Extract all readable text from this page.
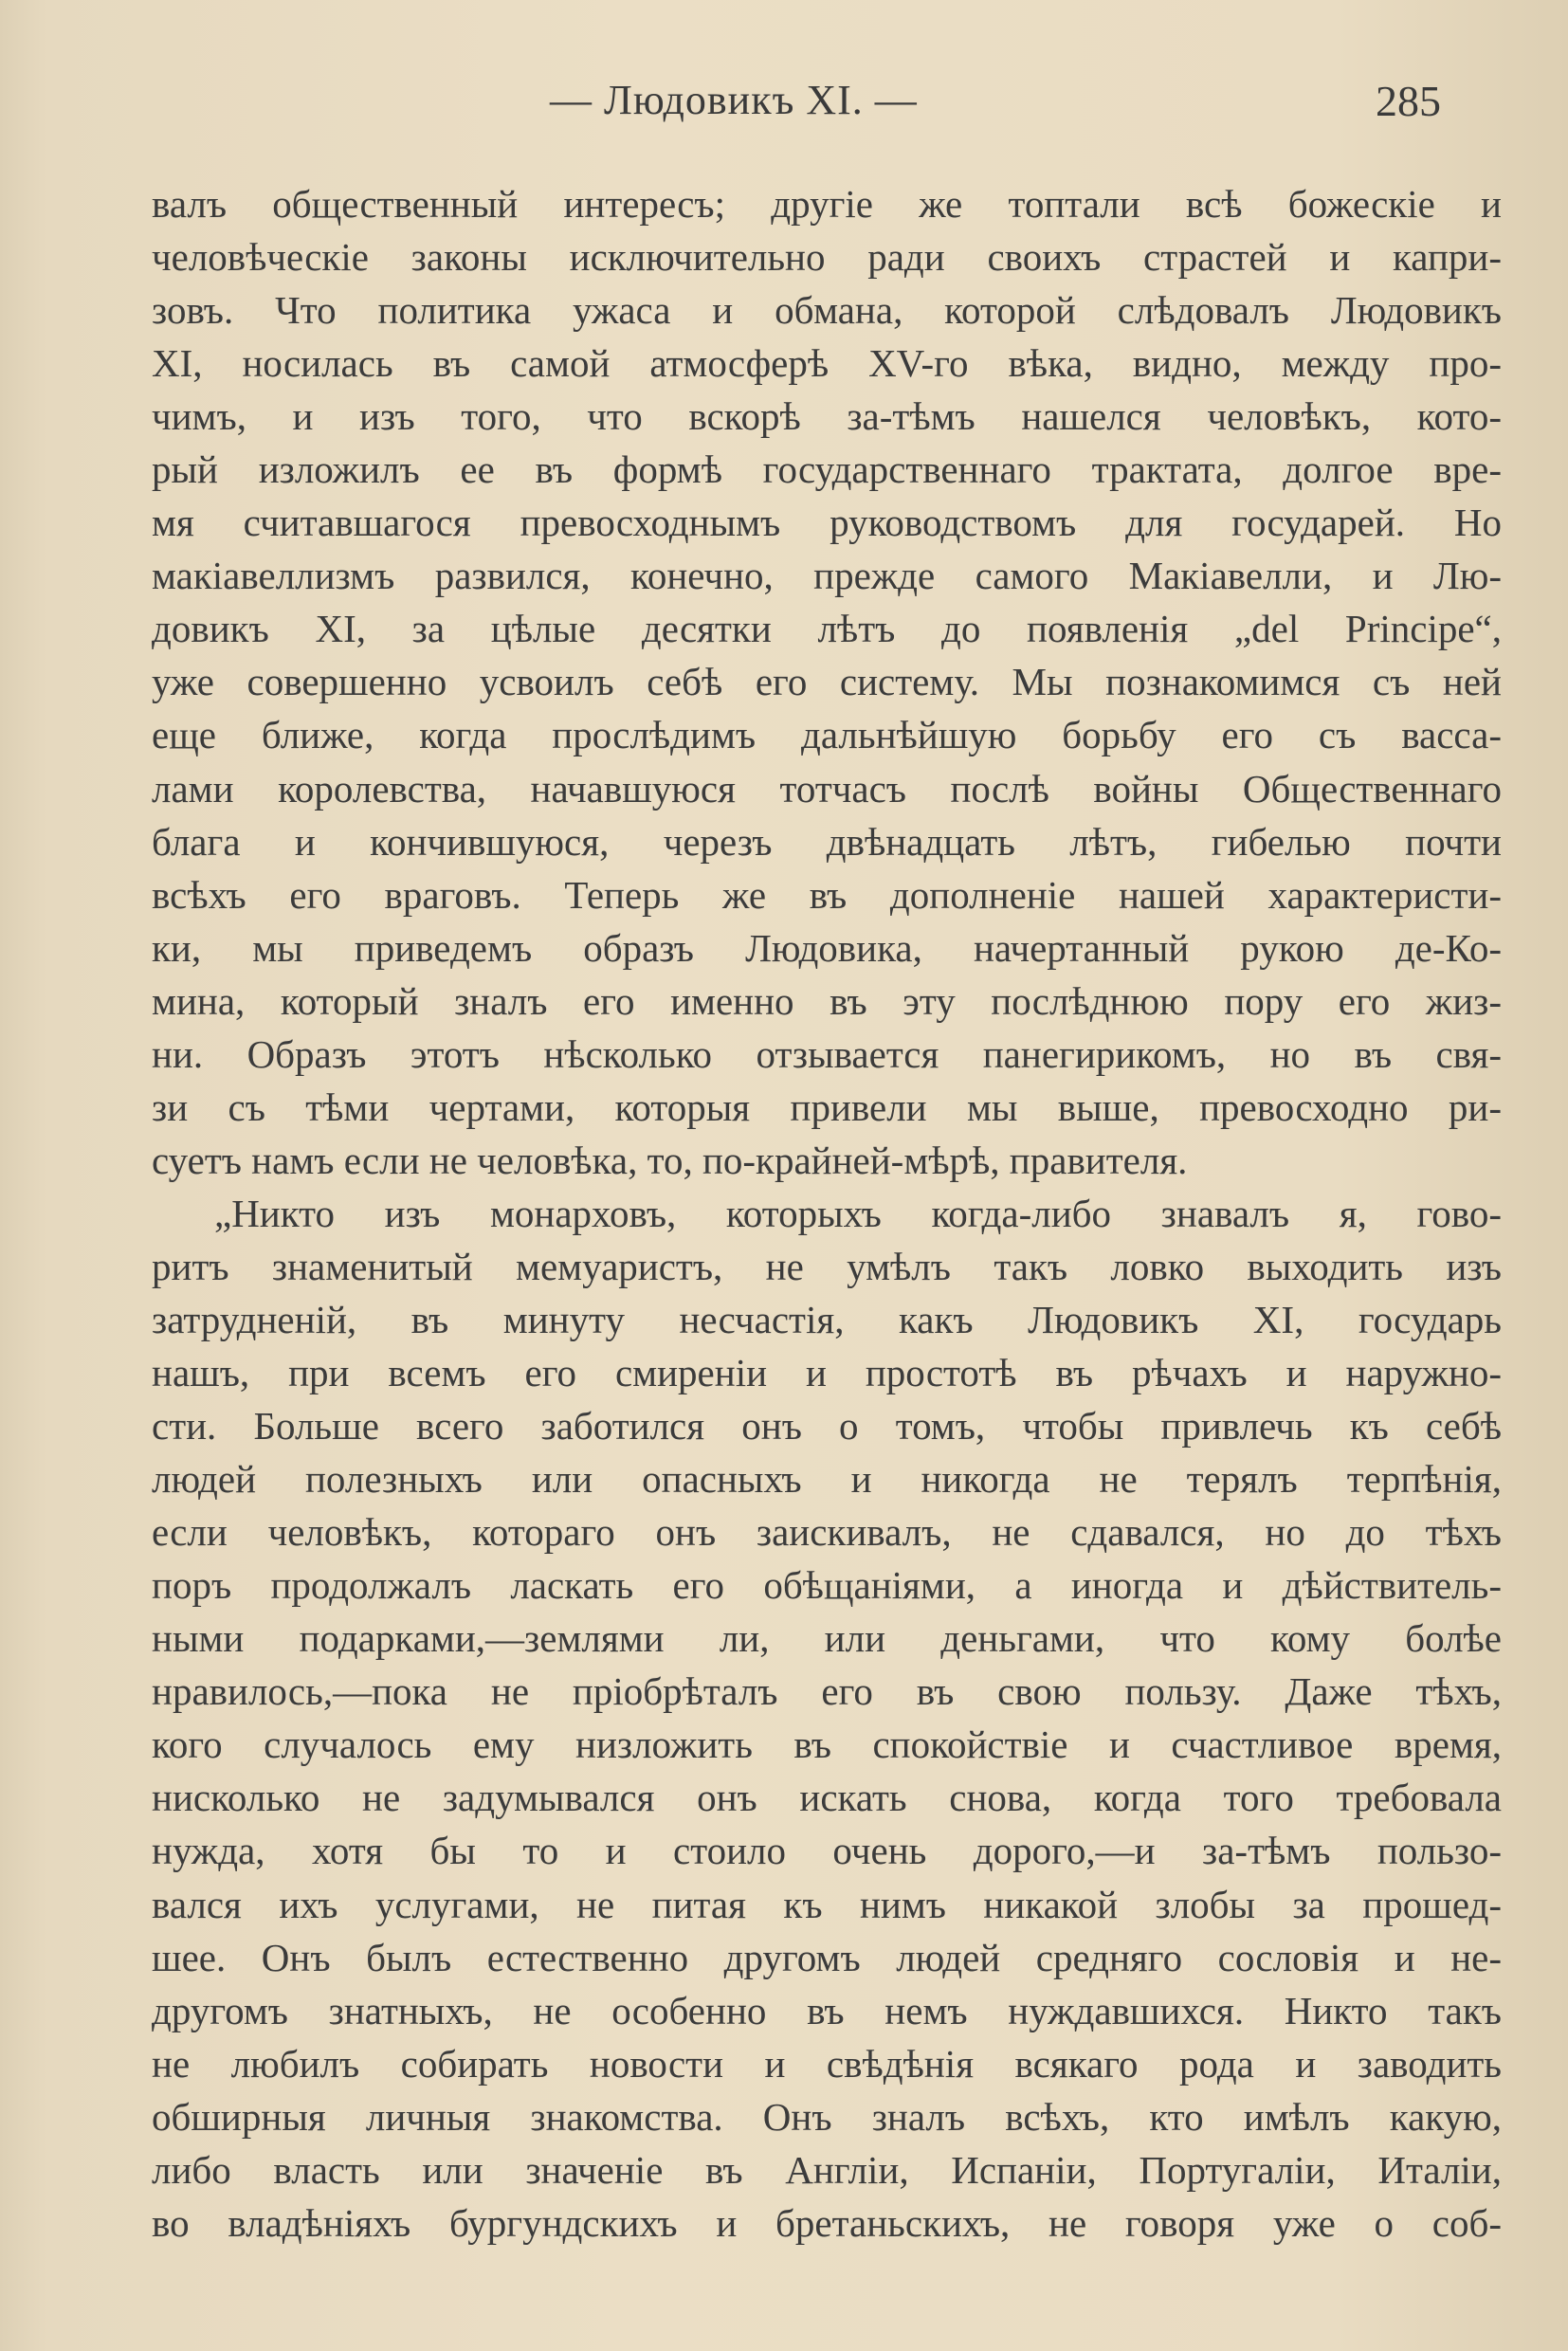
— Людовикъ XI. —	285
валъ общественный интересъ; другіе же топтали всѣ божескіе и
человѣческіе законы исключительно ради своихъ страстей и капри-
зовъ. Что политика ужаса и обмана, которой слѣдовалъ Людовикъ
XI, носилась въ самой атмосферѣ XV-го вѣка, видно, между про-
чимъ, и изъ того, что вскорѣ за-тѣмъ нашелся человѣкъ, кото-
рый изложилъ ее въ формѣ государственнаго трактата, долгое вре-
мя считавшагося превосходнымъ руководствомъ для государей. Но
макіавеллизмъ развился, конечно, прежде самого Макіавелли, и Лю-
довикъ XI, за цѣлые десятки лѣтъ до появленія „del Principe“,
уже совершенно усвоилъ себѣ его систему. Мы познакомимся съ ней
еще ближе, когда прослѣдимъ дальнѣйшую борьбу его съ васса-
лами королевства, начавшуюся тотчасъ послѣ войны Общественнаго
блага и кончившуюся, черезъ двѣнадцать лѣтъ, гибелью почти
всѣхъ его враговъ. Теперь же въ дополненіе нашей характеристи-
ки, мы приведемъ образъ Людовика, начертанный рукою де-Ко-
мина, который зналъ его именно въ эту послѣднюю пору его жиз-
ни. Образъ этотъ нѣсколько отзывается панегирикомъ, но въ свя-
зи съ тѣми чертами, которыя привели мы выше, превосходно ри-
суетъ намъ если не человѣка, то, по-крайней-мѣрѣ, правителя.
„Никто изъ монарховъ, которыхъ когда-либо знавалъ я, гово-
ритъ знаменитый мемуаристъ, не умѣлъ такъ ловко выходить изъ
затрудненій, въ минуту несчастія, какъ Людовикъ XI, государь
нашъ, при всемъ его смиреніи и простотѣ въ рѣчахъ и наружно-
сти. Больше всего заботился онъ о томъ, чтобы привлечь къ себѣ
людей полезныхъ или опасныхъ и никогда не терялъ терпѣнія,
если человѣкъ, котораго онъ заискивалъ, не сдавался, но до тѣхъ
поръ продолжалъ ласкать его обѣщаніями, а иногда и дѣйствитель-
ными подарками,—землями ли, или деньгами, что кому болѣе
нравилось,—пока не пріобрѣталъ его въ свою пользу. Даже тѣхъ,
кого случалось ему низложить въ спокойствіе и счастливое время,
нисколько не задумывался онъ искать снова, когда того требовала
нужда, хотя бы то и стоило очень дорого,—и за-тѣмъ пользо-
вался ихъ услугами, не питая къ нимъ никакой злобы за прошед-
шее. Онъ былъ естественно другомъ людей средняго сословія и не-
другомъ знатныхъ, не особенно въ немъ нуждавшихся. Никто такъ
не любилъ собирать новости и свѣдѣнія всякаго рода и заводить
обширныя личныя знакомства. Онъ зналъ всѣхъ, кто имѣлъ какую,
либо власть или значеніе въ Англіи, Испаніи, Португаліи, Италіи,
во владѣніяхъ бургундскихъ и бретаньскихъ, не говоря уже о соб-
